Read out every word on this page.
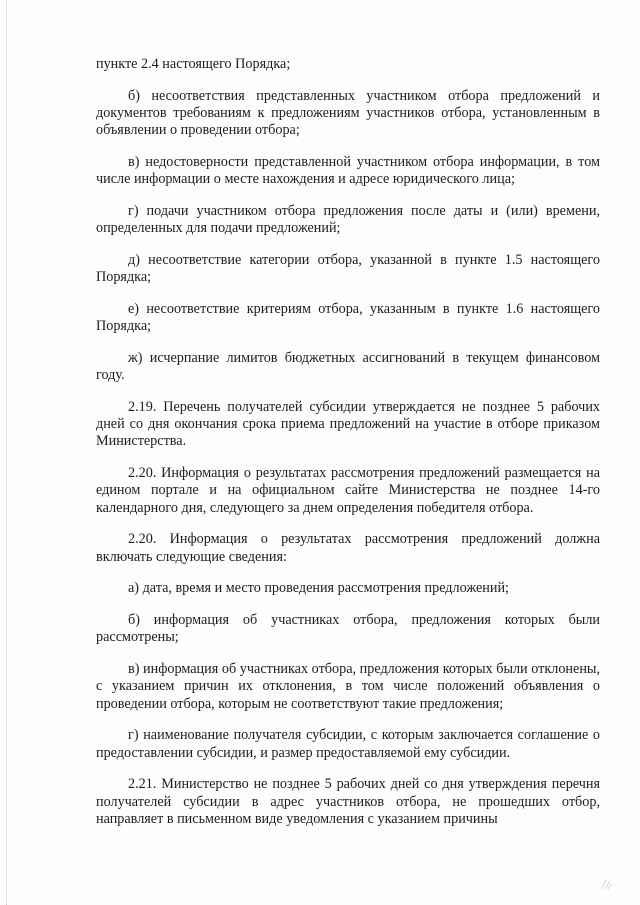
пункте 2.4 настоящего Порядка;

б) несоответствия представленных участником отбора предложений и документов требованиям к предложениям участников отбора, установленным в объявлении о проведении отбора;

в) недостоверности представленной участником отбора информации, в том числе информации о месте нахождения и адресе юридического лица;

г) подачи участником отбора предложения после даты и (или) времени, определенных для подачи предложений;

д) несоответствие категории отбора, указанной в пункте 1.5 настоящего Порядка;

е) несоответствие критериям отбора, указанным в пункте 1.6 настоящего Порядка;

ж) исчерпание лимитов бюджетных ассигнований в текущем финансовом году.

2.19. Перечень получателей субсидии утверждается не позднее 5 рабочих дней со дня окончания срока приема предложений на участие в отборе приказом Министерства.

2.20. Информация о результатах рассмотрения предложений размещается на едином портале и на официальном сайте Министерства не позднее 14-го календарного дня, следующего за днем определения победителя отбора.

2.20. Информация о результатах рассмотрения предложений должна включать следующие сведения:

а) дата, время и место проведения рассмотрения предложений;

б) информация об участниках отбора, предложения которых были рассмотрены;

в) информация об участниках отбора, предложения которых были отклонены, с указанием причин их отклонения, в том числе положений объявления о проведении отбора, которым не соответствуют такие предложения;

г) наименование получателя субсидии, с которым заключается соглашение о предоставлении субсидии, и размер предоставляемой ему субсидии.

2.21. Министерство не позднее 5 рабочих дней со дня утверждения перечня получателей субсидии в адрес участников отбора, не прошедших отбор, направляет в письменном виде уведомления с указанием причины
